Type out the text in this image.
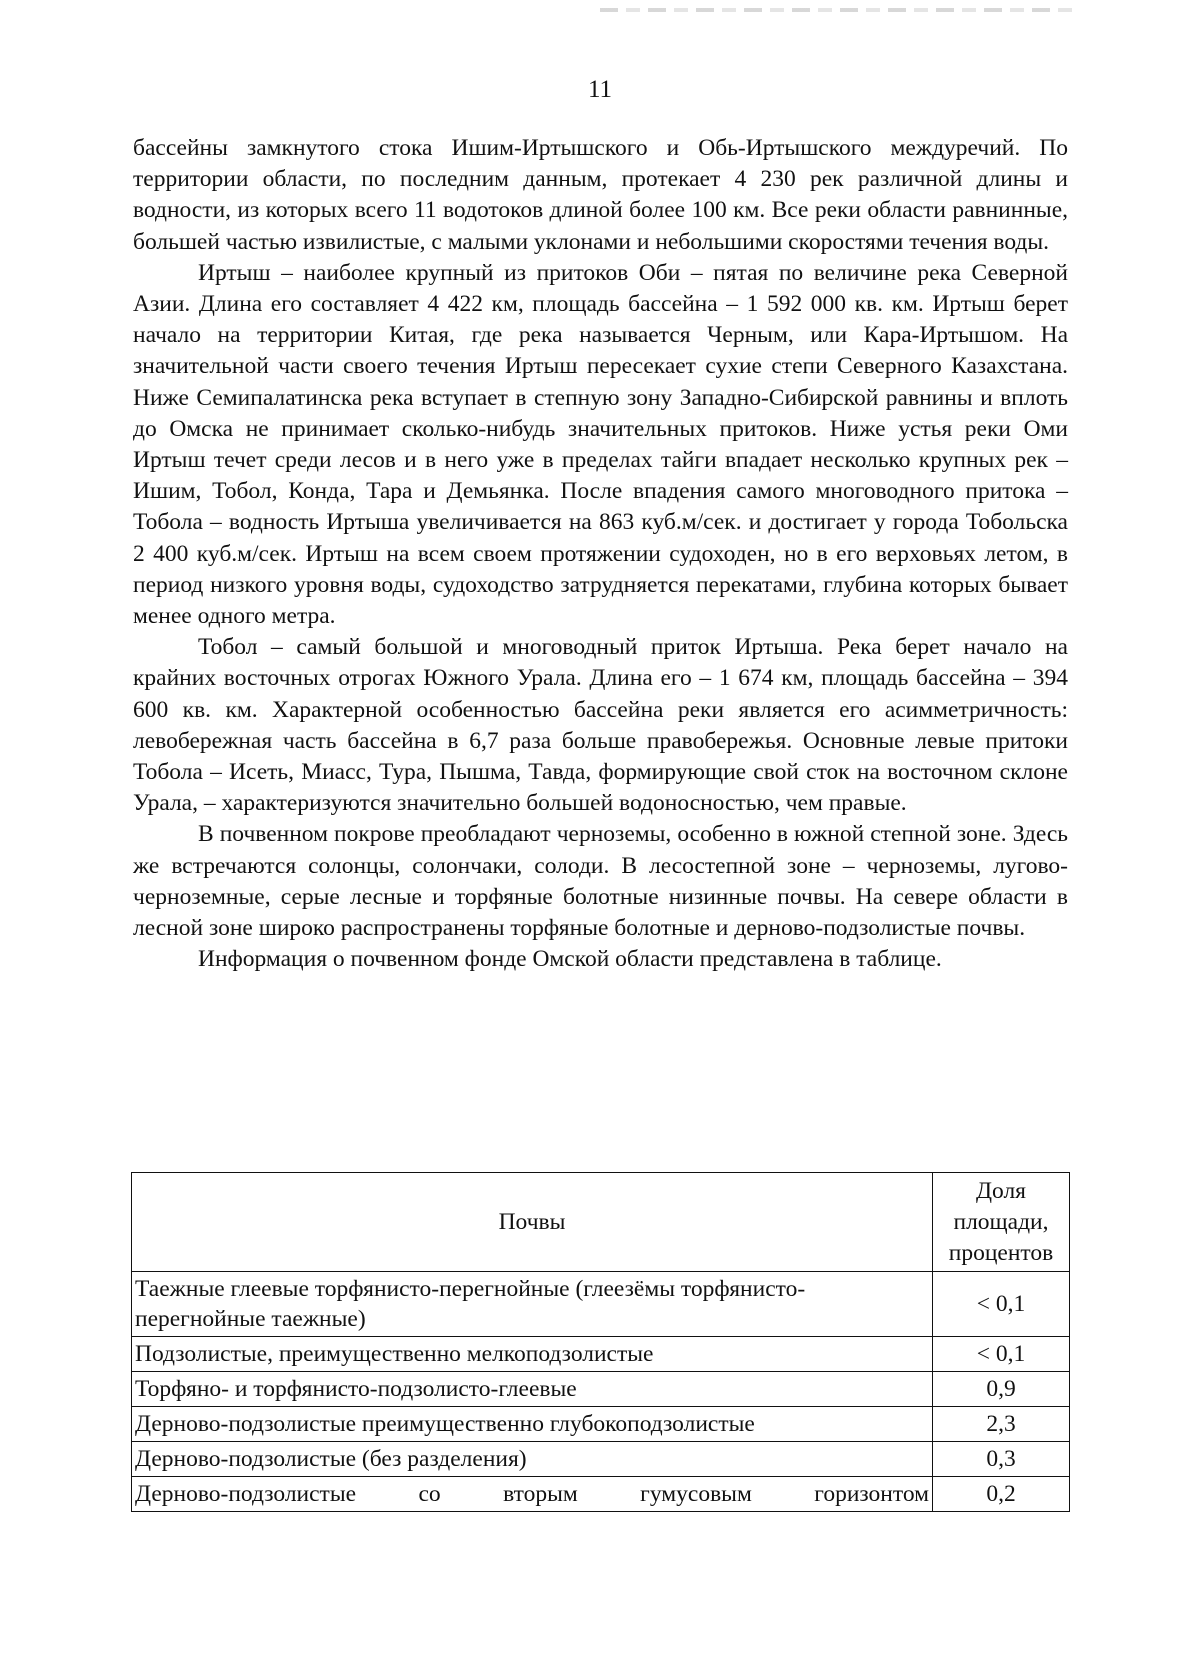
11

бассейны замкнутого стока Ишим-Иртышского и Обь-Иртышского междуречий. По территории области, по последним данным, протекает 4 230 рек различной длины и водности, из которых всего 11 водотоков длиной более 100 км. Все реки области равнинные, большей частью извилистые, с малыми уклонами и небольшими скоростями течения воды.

Иртыш – наиболее крупный из притоков Оби – пятая по величине река Северной Азии. Длина его составляет 4 422 км, площадь бассейна – 1 592 000 кв. км. Иртыш берет начало на территории Китая, где река называется Черным, или Кара-Иртышом. На значительной части своего течения Иртыш пересекает сухие степи Северного Казахстана. Ниже Семипалатинска река вступает в степную зону Западно-Сибирской равнины и вплоть до Омска не принимает сколько-нибудь значительных притоков. Ниже устья реки Оми Иртыш течет среди лесов и в него уже в пределах тайги впадает несколько крупных рек – Ишим, Тобол, Конда, Тара и Демьянка. После впадения самого многоводного притока – Тобола – водность Иртыша увеличивается на 863 куб.м/сек. и достигает у города Тобольска 2 400 куб.м/сек. Иртыш на всем своем протяжении судоходен, но в его верховьях летом, в период низкого уровня воды, судоходство затрудняется перекатами, глубина которых бывает менее одного метра.

Тобол – самый большой и многоводный приток Иртыша. Река берет начало на крайних восточных отрогах Южного Урала. Длина его – 1 674 км, площадь бассейна – 394 600 кв. км. Характерной особенностью бассейна реки является его асимметричность: левобережная часть бассейна в 6,7 раза больше правобережья. Основные левые притоки Тобола – Исеть, Миасс, Тура, Пышма, Тавда, формирующие свой сток на восточном склоне Урала, – характеризуются значительно большей водоносностью, чем правые.

В почвенном покрове преобладают черноземы, особенно в южной степной зоне. Здесь же встречаются солонцы, солончаки, солоди. В лесостепной зоне – черноземы, лугово-черноземные, серые лесные и торфяные болотные низинные почвы. На севере области в лесной зоне широко распространены торфяные болотные и дерново-подзолистые почвы.

Информация о почвенном фонде Омской области представлена в таблице.

Почвы	Доля площади, процентов
Таежные глеевые торфянисто-перегнойные (глеезёмы торфянисто-перегнойные таежные)	< 0,1
Подзолистые, преимущественно мелкоподзолистые	< 0,1
Торфяно- и торфянисто-подзолисто-глеевые	0,9
Дерново-подзолистые преимущественно глубокоподзолистые	2,3
Дерново-подзолистые (без разделения)	0,3
Дерново-подзолистые со вторым гумусовым горизонтом	0,2
